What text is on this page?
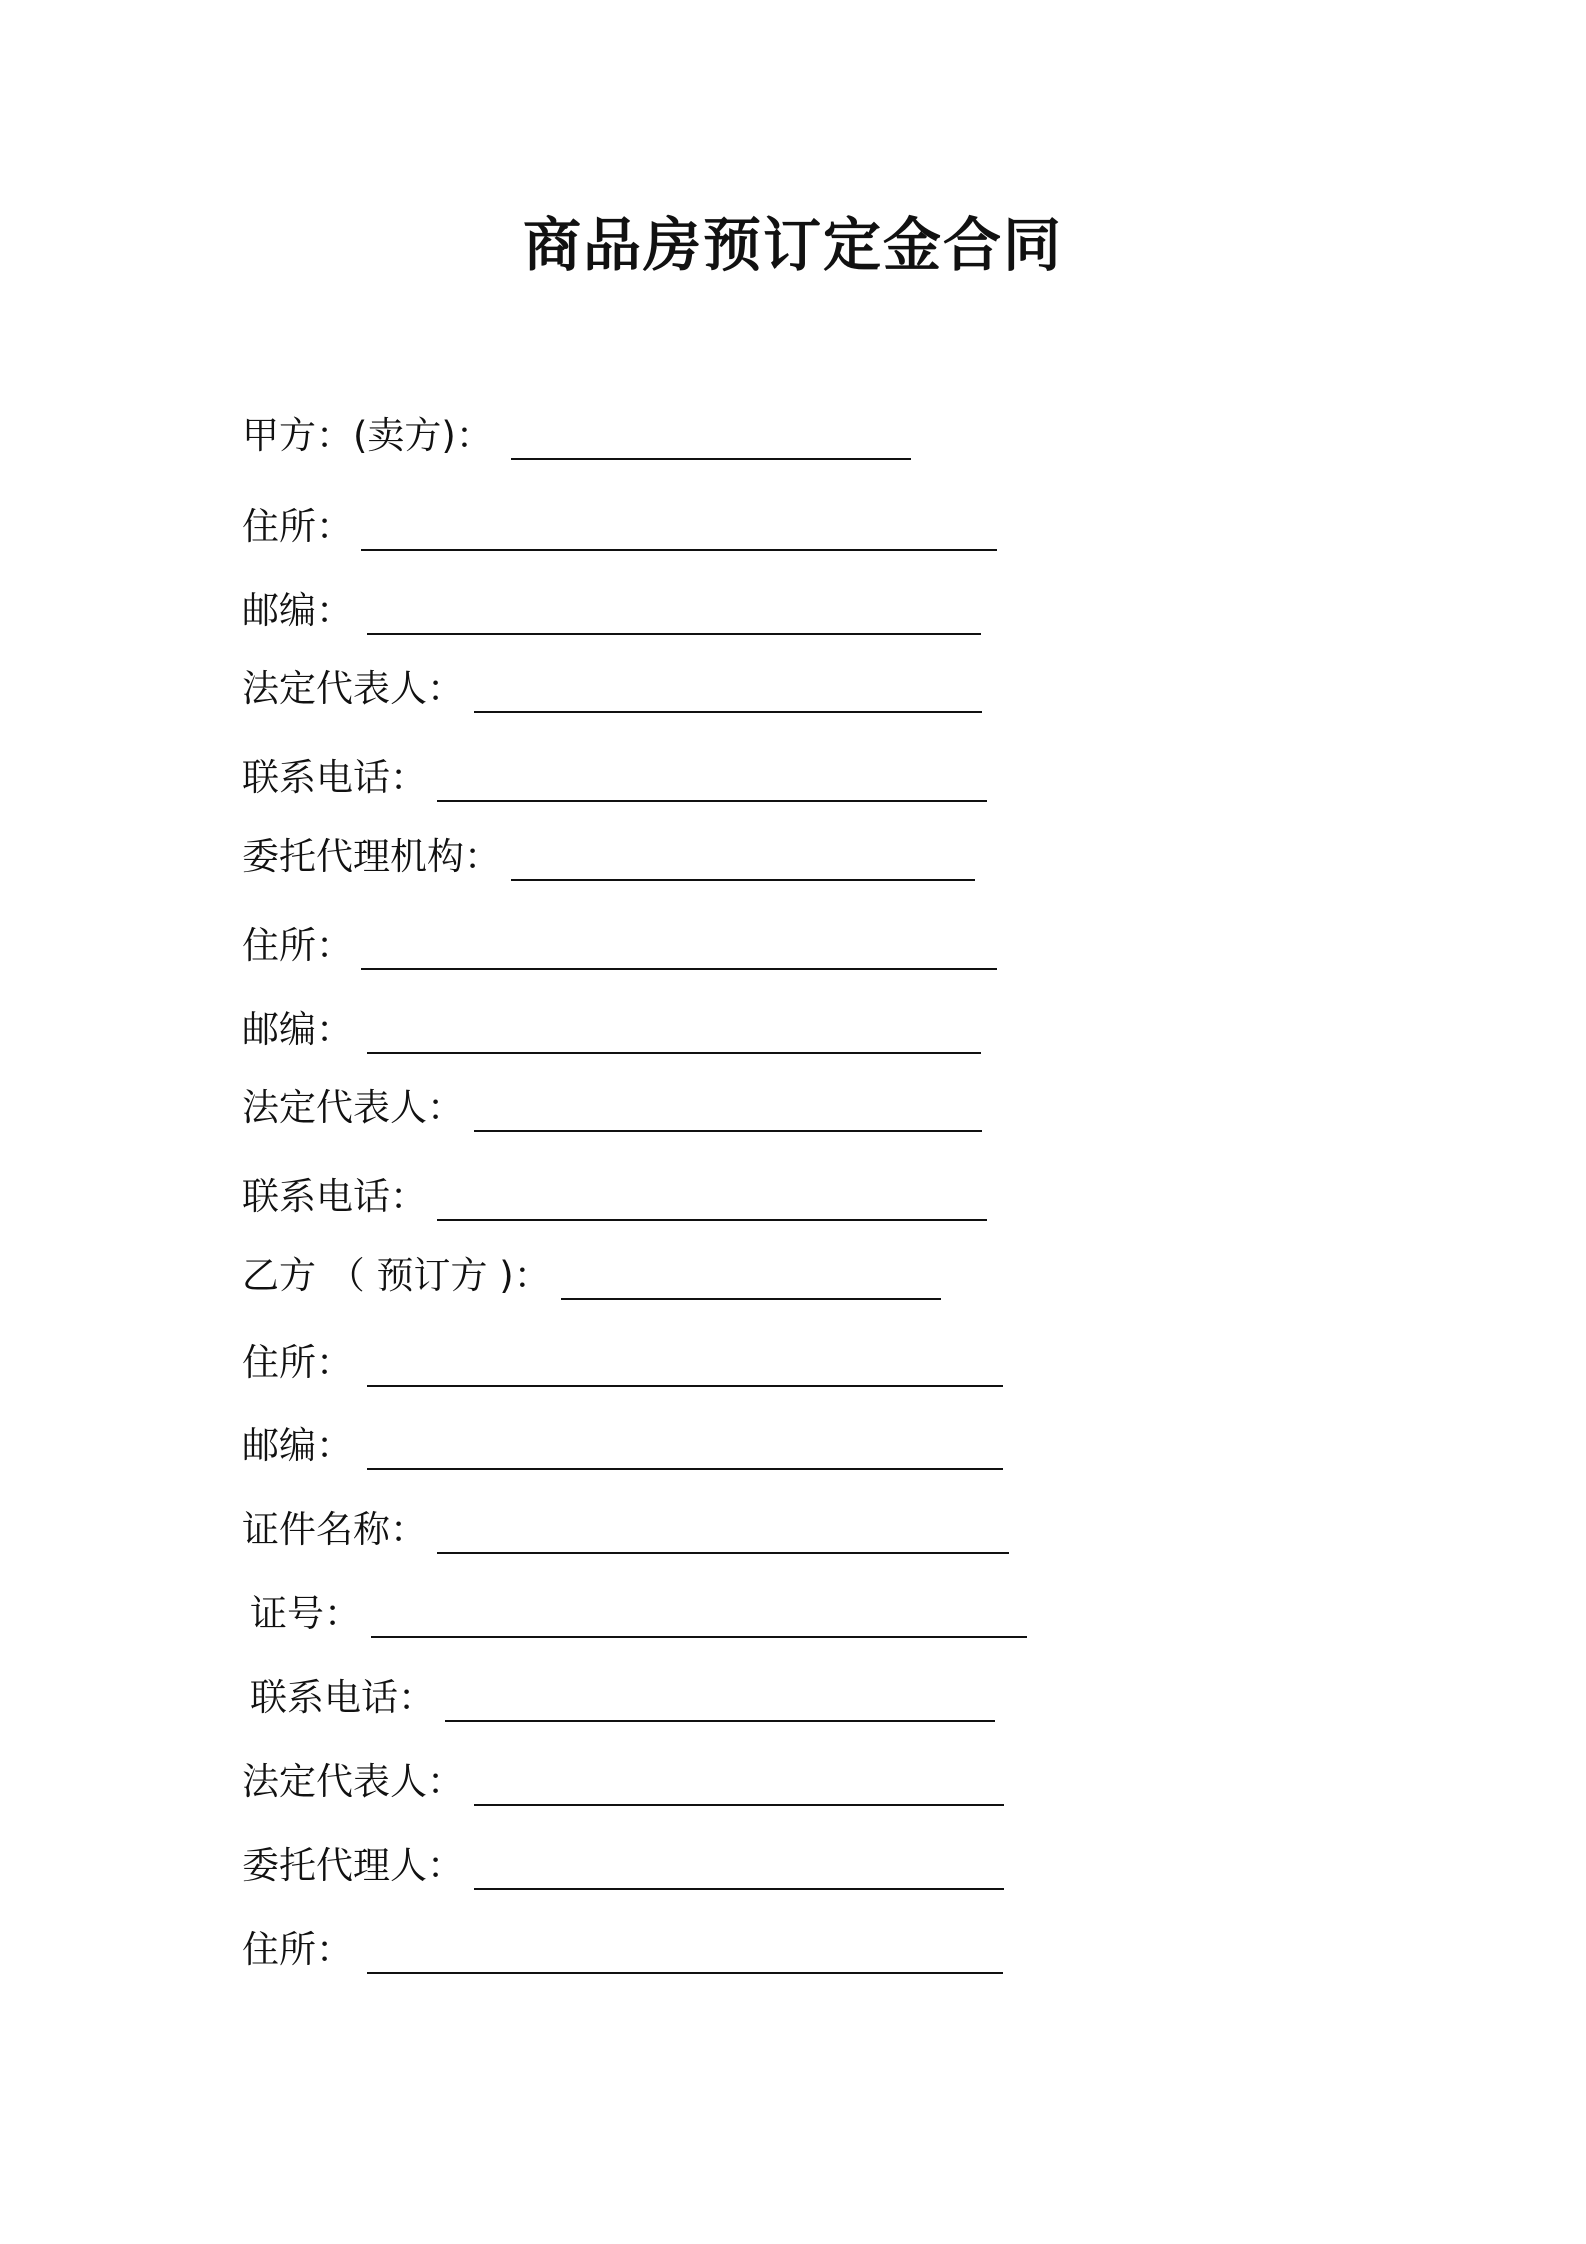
商品房预订定金合同
甲方：(卖方)：
住所：
邮编：
法定代表人：
联系电话：
委托代理机构：
住所：
邮编：
法定代表人：
联系电话：
乙方 （ 预订方 )：
住所：
邮编：
证件名称：
证号：
联系电话：
法定代表人：
委托代理人：
住所：
